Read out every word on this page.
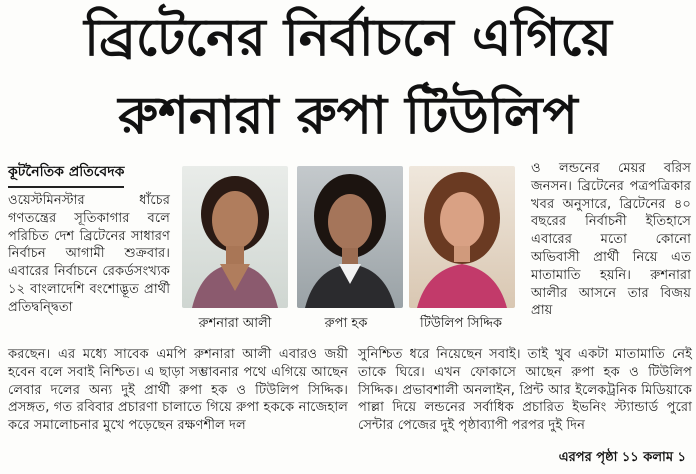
ব্রিটেনের নির্বাচনে এগিয়ে
রুশনারা রুপা টিউলিপ
কূটনৈতিক প্রতিবেদক
ওয়েস্টমিনস্টার ধাঁচের গণতন্ত্রের সূতিকাগার বলে পরিচিত দেশ ব্রিটেনের সাধারণ নির্বাচন আগামী শুক্রবার। এবারের নির্বাচনে রেকর্ডসংখ্যক ১২ বাংলাদেশি বংশোদ্ভূত প্রার্থী প্রতিদ্বন্দ্বিতা
রুশনারা আলী	রুপা হক	টিউলিপ সিদ্দিক
ও লন্ডনের মেয়র বরিস জনসন। ব্রিটেনের পত্রপত্রিকার খবর অনুসারে, ব্রিটেনের ৪০ বছরের নির্বাচনী ইতিহাসে এবারের মতো কোনো অভিবাসী প্রার্থী নিয়ে এত মাতামাতি হয়নি। রুশনারা আলীর আসনে তার বিজয় প্রায়
করছেন। এর মধ্যে সাবেক এমপি রুশনারা আলী এবারও জয়ী হবেন বলে সবাই নিশ্চিত। এ ছাড়া সম্ভাবনার পথে এগিয়ে আছেন লেবার দলের অন্য দুই প্রার্থী রুপা হক ও টিউলিপ সিদ্দিক। প্রসঙ্গত, গত রবিবার প্রচারণা চালাতে গিয়ে রুপা হককে নাজেহাল করে সমালোচনার মুখে পড়েছেন রক্ষণশীল দল
সুনিশ্চিত ধরে নিয়েছেন সবাই। তাই খুব একটা মাতামাতি নেই তাকে ঘিরে। এখন ফোকাসে আছেন রুপা হক ও টিউলিপ সিদ্দিক। প্রভাবশালী অনলাইন, প্রিন্ট আর ইলেকট্রনিক মিডিয়াকে পাল্লা দিয়ে লন্ডনের সর্বাধিক প্রচারিত ইভনিং স্ট্যান্ডার্ড পুরো সেন্টার পেজের দুই পৃষ্ঠাব্যাপী পরপর দুই দিন
এরপর পৃষ্ঠা ১১ কলাম ১
